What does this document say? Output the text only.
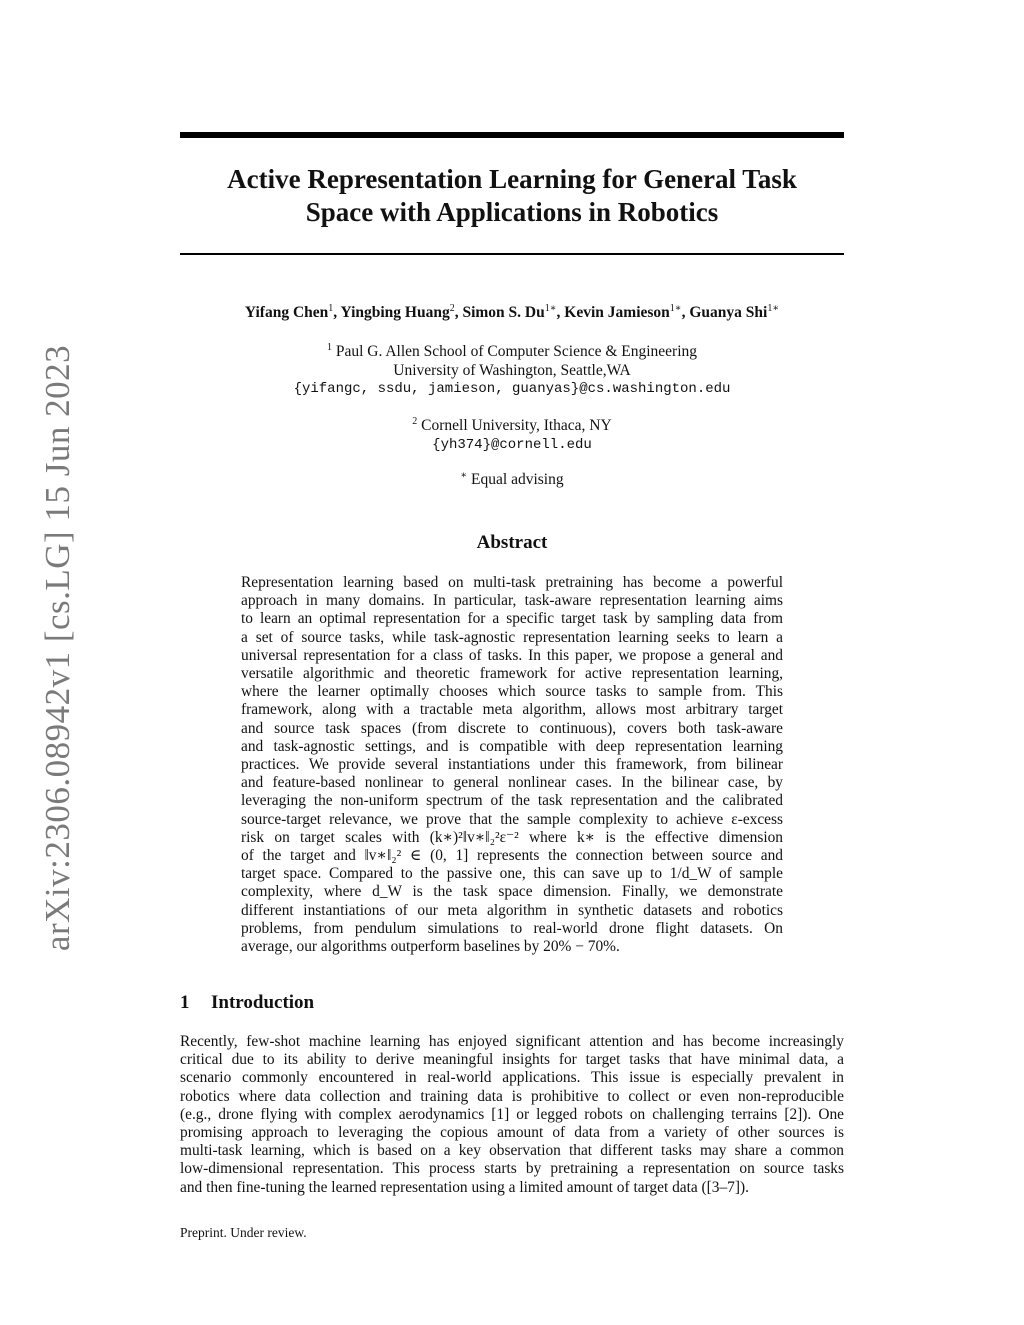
arXiv:2306.08942v1 [cs.LG] 15 Jun 2023
Active Representation Learning for General Task
Space with Applications in Robotics
Yifang Chen$^1$, Yingbing Huang$^2$, Simon S. $Du^{1∗}$, Kevin Jamieson$^{1∗}$, Guanya Shi$^{1∗}$
$^1$ Paul G. Allen School of Computer Science & Engineering
University of Washington, Seattle,WA
{yifangc, ssdu, jamieson, guanyas}@cs.washington.edu
$^2$ Cornell University, Ithaca, NY
{yh374}@cornell.edu
∗ Equal advising
Abstract
Representation learning based on multi-task pretraining has become a powerful
approach in many domains. In particular, task-aware representation learning aims
to learn an optimal representation for a specific target task by sampling data from
a set of source tasks, while task-agnostic representation learning seeks to learn a
universal representation for a class of tasks. In this paper, we propose a general and
versatile algorithmic and theoretic framework for active representation learning,
where the learner optimally chooses which source tasks to sample from. This
framework, along with a tractable meta algorithm, allows most arbitrary target
and source task spaces (from discrete to continuous), covers both task-aware
and task-agnostic settings, and is compatible with deep representation learning
practices. We provide several instantiations under this framework, from bilinear
and feature-based nonlinear to general nonlinear cases. In the bilinear case, by
leveraging the non-uniform spectrum of the task representation and the calibrated
source-target relevance, we prove that the sample complexity to achieve ε-excess
risk on target scales with (k∗)²‖v∗‖₂²ε⁻² where k∗ is the effective dimension
of the target and ‖v∗‖₂² ∈ (0, 1] represents the connection between source and
target space. Compared to the passive one, this can save up to 1/d_W of sample
complexity, where d_W is the task space dimension. Finally, we demonstrate
different instantiations of our meta algorithm in synthetic datasets and robotics
problems, from pendulum simulations to real-world drone flight datasets. On
average, our algorithms outperform baselines by 20% − 70%.
1 Introduction
Recently, few-shot machine learning has enjoyed significant attention and has become increasingly
critical due to its ability to derive meaningful insights for target tasks that have minimal data, a
scenario commonly encountered in real-world applications. This issue is especially prevalent in
robotics where data collection and training data is prohibitive to collect or even non-reproducible
(e.g., drone flying with complex aerodynamics [1] or legged robots on challenging terrains [2]). One
promising approach to leveraging the copious amount of data from a variety of other sources is
multi-task learning, which is based on a key observation that different tasks may share a common
low-dimensional representation. This process starts by pretraining a representation on source tasks
and then fine-tuning the learned representation using a limited amount of target data ([3–7]).
Preprint. Under review.
